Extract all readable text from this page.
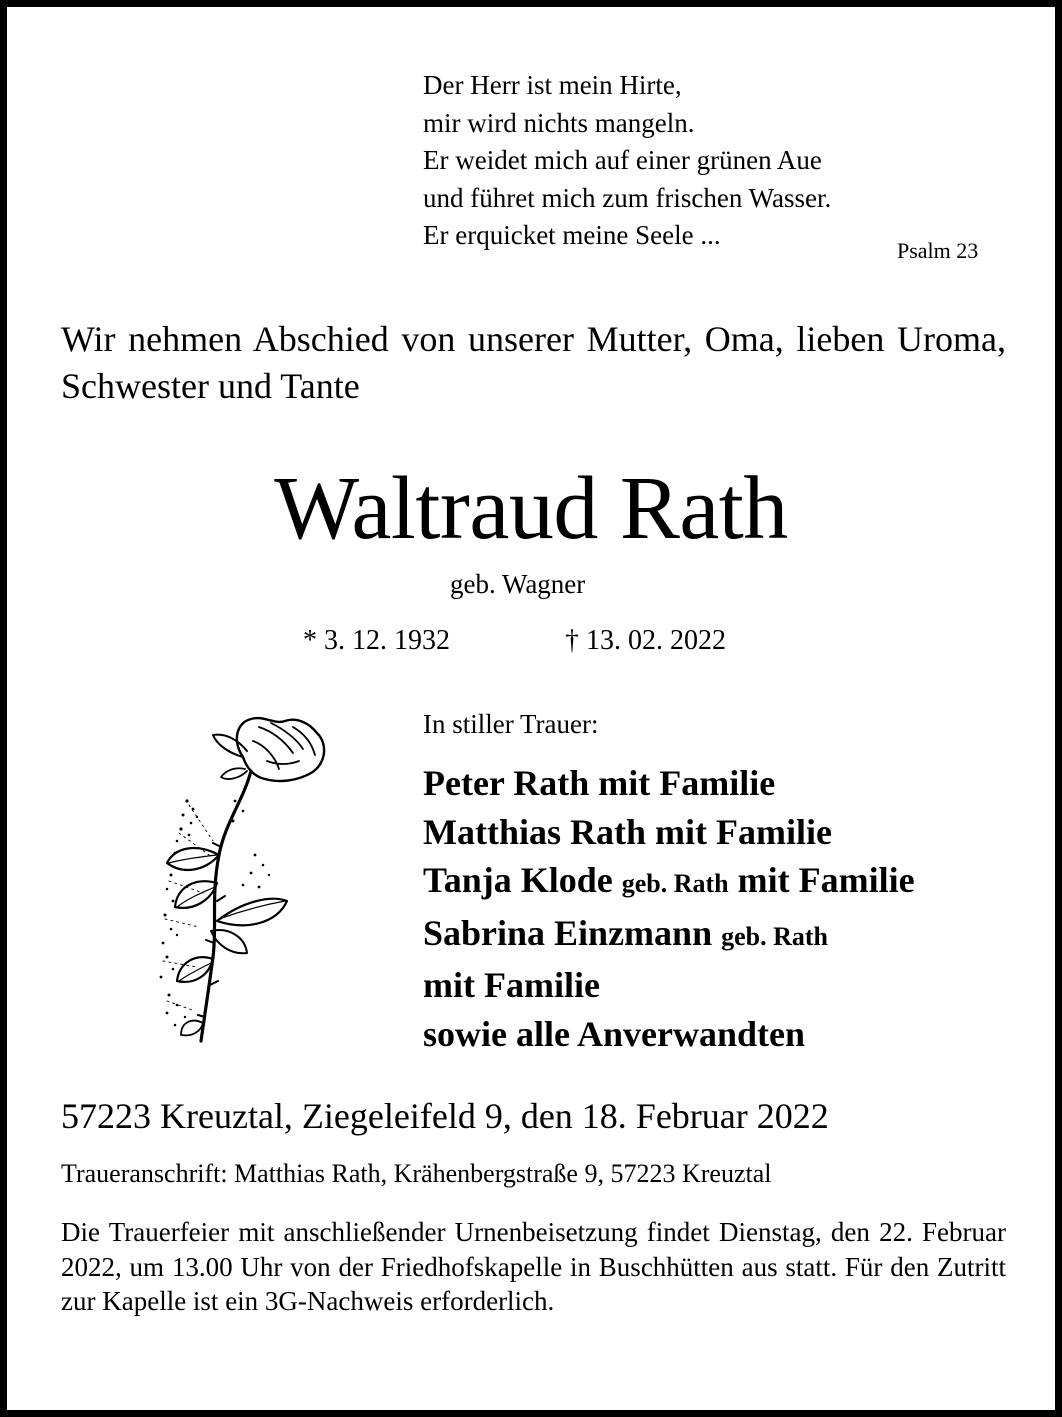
Der Herr ist mein Hirte,
mir wird nichts mangeln.
Er weidet mich auf einer grünen Aue
und führet mich zum frischen Wasser.
Er erquicket meine Seele ...
Psalm 23
Wir nehmen Abschied von unserer Mutter, Oma, lieben Uroma, Schwester und Tante
Waltraud Rath
geb. Wagner
* 3. 12. 1932	† 13. 02. 2022
In stiller Trauer:
Peter Rath mit Familie
Matthias Rath mit Familie
Tanja Klode geb. Rath mit Familie
Sabrina Einzmann geb. Rath
mit Familie
sowie alle Anverwandten
57223 Kreuztal, Ziegeleifeld 9, den 18. Februar 2022
Traueranschrift: Matthias Rath, Krähenbergstraße 9, 57223 Kreuztal
Die Trauerfeier mit anschließender Urnenbeisetzung findet Dienstag, den 22. Februar 2022, um 13.00 Uhr von der Friedhofskapelle in Buschhütten aus statt. Für den Zutritt zur Kapelle ist ein 3G-Nachweis erforderlich.
